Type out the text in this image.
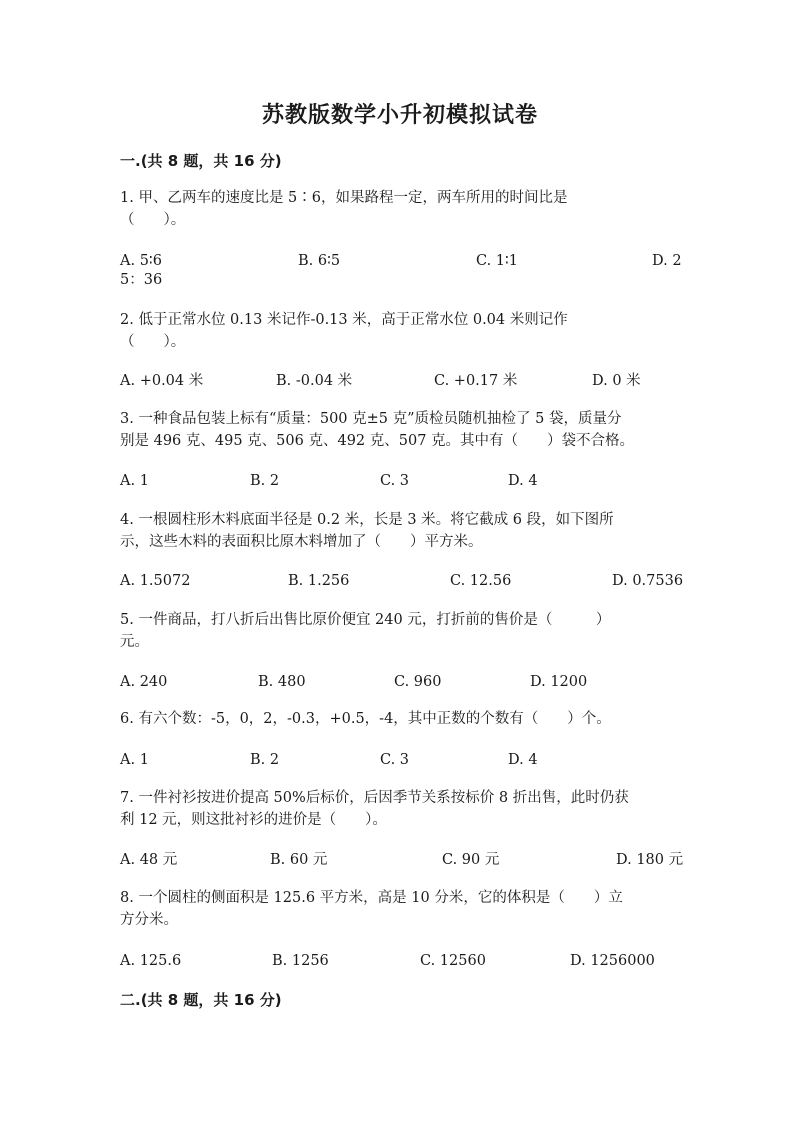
苏教版数学小升初模拟试卷
一.(共 8 题，共 16 分)
1. 甲、乙两车的速度比是 5∶6，如果路程一定，两车所用的时间比是
（　　）。
A. 5∶6	B. 6∶5	C. 1∶1	D. 2
5：36
2. 低于正常水位 0.13 米记作-0.13 米，高于正常水位 0.04 米则记作
（　　）。
A. +0.04 米	B. -0.04 米	C. +0.17 米	D. 0 米
3. 一种食品包装上标有“质量：500 克±5 克”质检员随机抽检了 5 袋，质量分
别是 496 克、495 克、506 克、492 克、507 克。其中有（　　）袋不合格。
A. 1	B. 2	C. 3	D. 4
4. 一根圆柱形木料底面半径是 0.2 米，长是 3 米。将它截成 6 段，如下图所
示，这些木料的表面积比原木料增加了（　　）平方米。
A. 1.5072	B. 1.256	C. 12.56	D. 0.7536
5. 一件商品，打八折后出售比原价便宜 240 元，打折前的售价是（　　　）
元。
A. 240	B. 480	C. 960	D. 1200
6. 有六个数：-5，0，2，-0.3，+0.5，-4，其中正数的个数有（　　）个。
A. 1	B. 2	C. 3	D. 4
7. 一件衬衫按进价提高 50%后标价，后因季节关系按标价 8 折出售，此时仍获
利 12 元，则这批衬衫的进价是（　　）。
A. 48 元	B. 60 元	C. 90 元	D. 180 元
8. 一个圆柱的侧面积是 125.6 平方米，高是 10 分米，它的体积是（　　）立
方分米。
A. 125.6	B. 1256	C. 12560	D. 1256000
二.(共 8 题，共 16 分)
